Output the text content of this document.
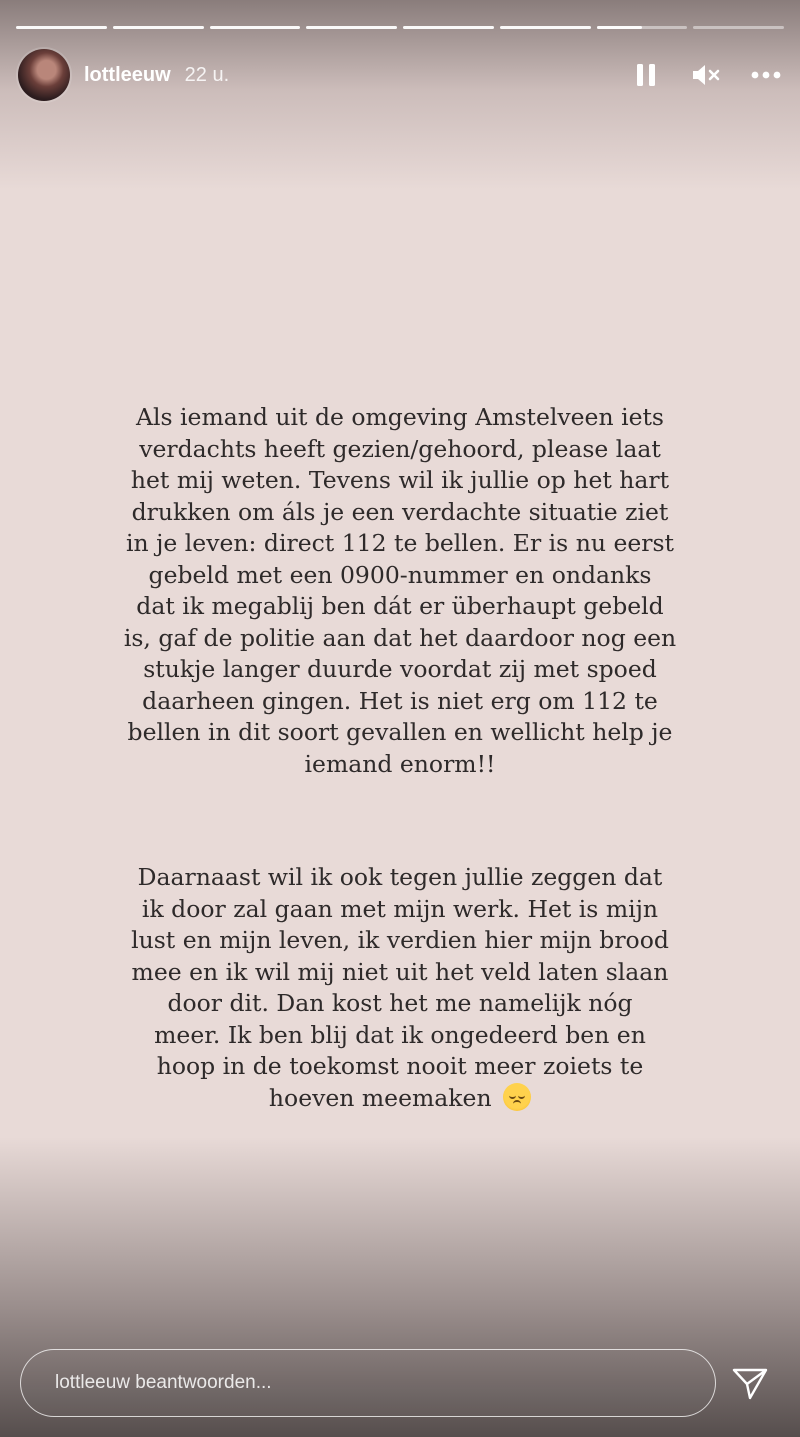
lottleeuw 22 u.
Als iemand uit de omgeving Amstelveen iets
verdachts heeft gezien/gehoord, please laat
het mij weten. Tevens wil ik jullie op het hart
drukken om áls je een verdachte situatie ziet
in je leven: direct 112 te bellen. Er is nu eerst
gebeld met een 0900-nummer en ondanks
dat ik megablij ben dát er überhaupt gebeld
is, gaf de politie aan dat het daardoor nog een
stukje langer duurde voordat zij met spoed
daarheen gingen. Het is niet erg om 112 te
bellen in dit soort gevallen en wellicht help je
iemand enorm!!
Daarnaast wil ik ook tegen jullie zeggen dat
ik door zal gaan met mijn werk. Het is mijn
lust en mijn leven, ik verdien hier mijn brood
mee en ik wil mij niet uit het veld laten slaan
door dit. Dan kost het me namelijk nóg
meer. Ik ben blij dat ik ongedeerd ben en
hoop in de toekomst nooit meer zoiets te
hoeven meemaken
lottleeuw beantwoorden...
